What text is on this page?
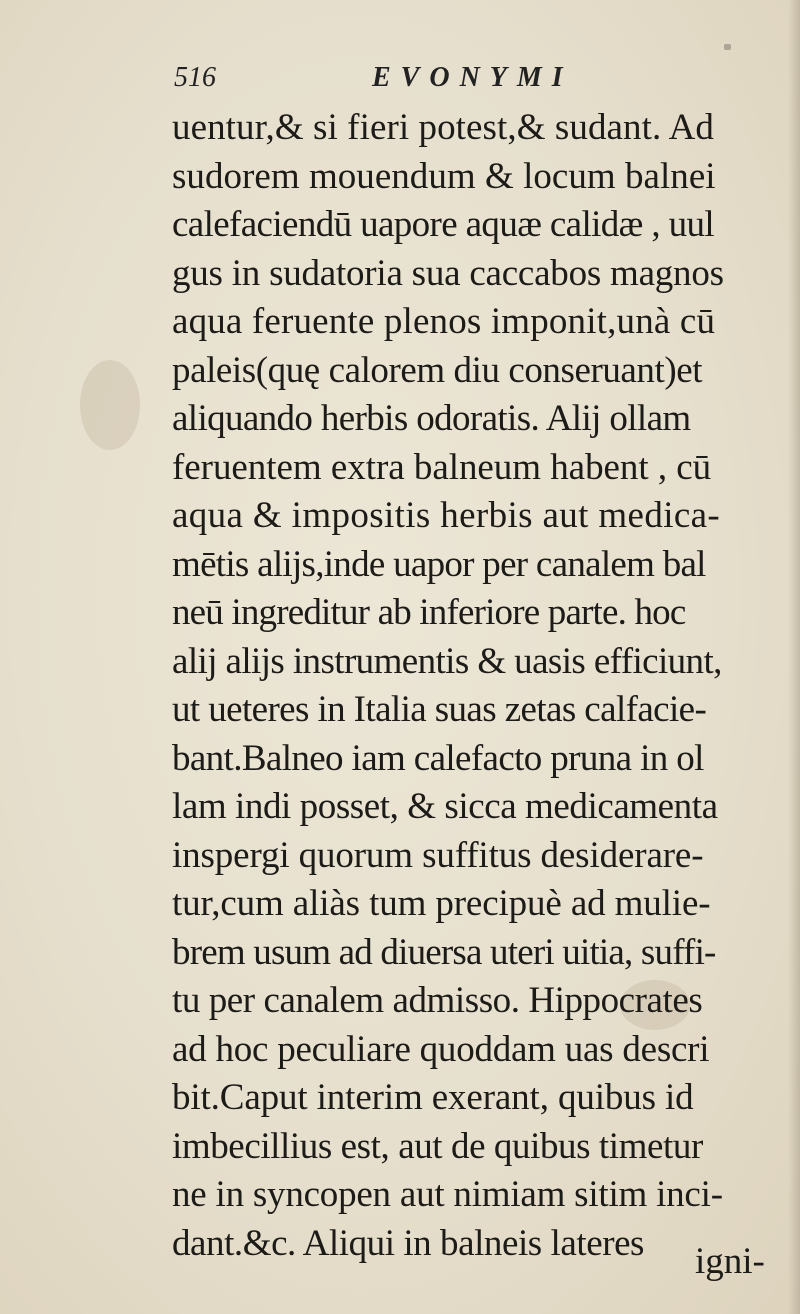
516	EVONYMI
uentur,& si fieri potest,& sudant. Ad
sudorem mouendum & locum balnei
calefaciendū uapore aquæ calidæ , uul
gus in sudatoria sua caccabos magnos
aqua feruente plenos imponit,unà cū
paleis(quę calorem diu conseruant)et
aliquando herbis odoratis. Alij ollam
feruentem extra balneum habent , cū
aqua & impositis herbis aut medica-
mētis alijs,inde uapor per canalem bal
neū ingreditur ab inferiore parte. hoc
alij alijs instrumentis & uasis efficiunt,
ut ueteres in Italia suas zetas calfacie-
bant.Balneo iam calefacto pruna in ol
lam indi posset, & sicca medicamenta
inspergi quorum suffitus desiderare-
tur,cum aliàs tum precipuè ad mulie-
brem usum ad diuersa uteri uitia, suffi-
tu per canalem admisso. Hippocrates
ad hoc peculiare quoddam uas descri
bit.Caput interim exerant, quibus id
imbecillius est, aut de quibus timetur
ne in syncopen aut nimiam sitim inci-
dant.&c. Aliqui in balneis lateres	igni-
